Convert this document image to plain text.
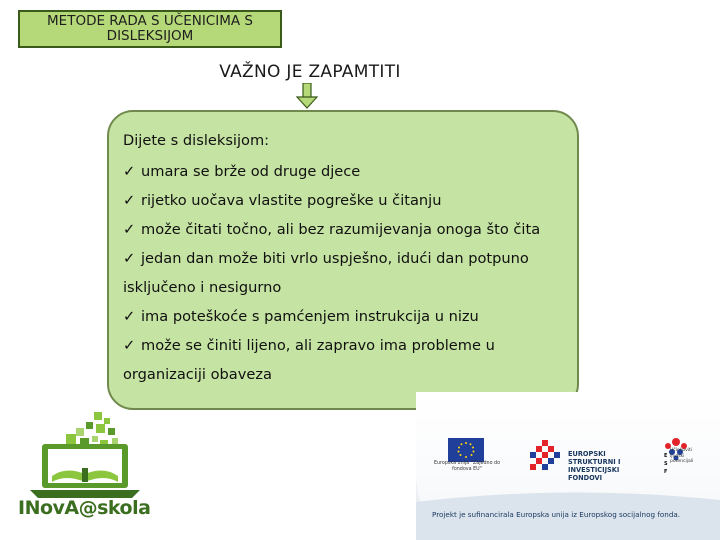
METODE RADA S UČENICIMA S DISLEKSIJOM
VAŽNO JE ZAPAMTITI
Dijete s disleksijom:
✓ umara se brže od druge djece
✓ rijetko uočava vlastite pogreške u čitanju
✓ može čitati točno, ali bez razumijevanja onoga što čita
✓ jedan dan može biti vrlo uspješno, idući dan potpuno
isključeno i nesigurno
✓ ima poteškoće s pamćenjem instrukcija u nizu
✓ može se činiti lijeno, ali zapravo ima probleme u
organizaciji obaveza
INovA@skola
Europska unija "Zajedno do fondova EU"
EUROPSKI STRUKTURNI I INVESTICIJSKI FONDOVI
E S F
Učinkoviti ljudski potencijali
Projekt je sufinancirala Europska unija iz Europskog socijalnog fonda.
